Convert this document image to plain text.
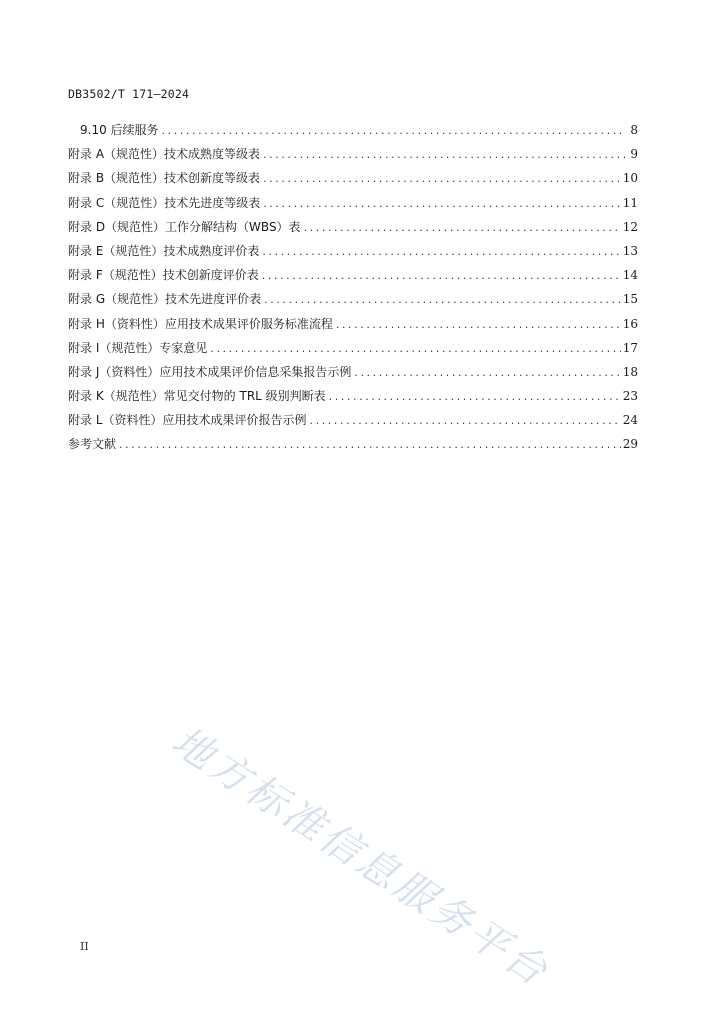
DB3502/T 171—2024
9.10 后续服务 .....	8
附录 A（规范性）技术成熟度等级表 .....	9
附录 B（规范性）技术创新度等级表 .....	10
附录 C（规范性）技术先进度等级表 .....	11
附录 D（规范性）工作分解结构（WBS）表 .....	12
附录 E（规范性）技术成熟度评价表 .....	13
附录 F（规范性）技术创新度评价表 .....	14
附录 G（规范性）技术先进度评价表 .....	15
附录 H（资料性）应用技术成果评价服务标准流程 .....	16
附录 I（规范性）专家意见 .....	17
附录 J（资料性）应用技术成果评价信息采集报告示例 .....	18
附录 K（规范性）常见交付物的 TRL 级别判断表 .....	23
附录 L（资料性）应用技术成果评价报告示例 .....	24
参考文献 .....	29
地方标准信息服务平台
II
